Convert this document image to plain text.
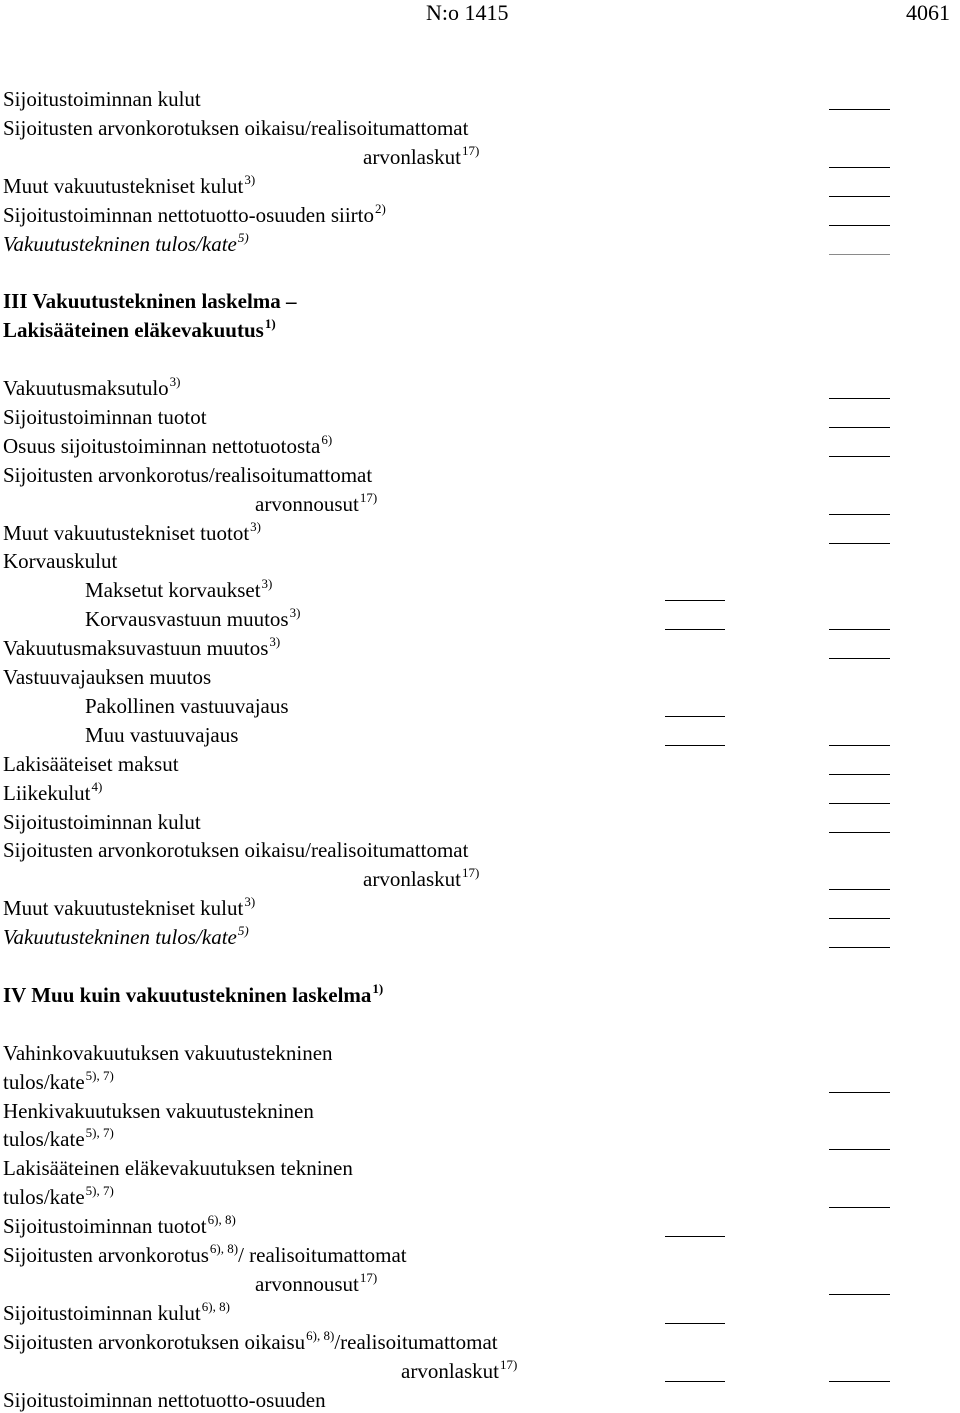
N:o 1415	4061
Sijoitustoiminnan kulut
Sijoitusten arvonkorotuksen oikaisu/realisoitumattomat
arvonlaskut$^{17)}$
Muut vakuutustekniset kulut$^{3)}$
Sijoitustoiminnan nettotuotto-osuuden siirto$^{2)}$
Vakuutustekninen tulos/kate$^{5)}$
III Vakuutustekninen laskelma –
Lakisääteinen eläkevakuutus$^{1)}$
Vakuutusmaksutulo$^{3)}$
Sijoitustoiminnan tuotot
Osuus sijoitustoiminnan nettotuotosta$^{6)}$
Sijoitusten arvonkorotus/realisoitumattomat
arvonnousut$^{17)}$
Muut vakuutustekniset tuotot$^{3)}$
Korvauskulut
Maksetut korvaukset$^{3)}$
Korvausvastuun muutos$^{3)}$
Vakuutusmaksuvastuun muutos$^{3)}$
Vastuuvajauksen muutos
Pakollinen vastuuvajaus
Muu vastuuvajaus
Lakisääteiset maksut
Liikekulut$^{4)}$
Sijoitustoiminnan kulut
Sijoitusten arvonkorotuksen oikaisu/realisoitumattomat
arvonlaskut$^{17)}$
Muut vakuutustekniset kulut$^{3)}$
Vakuutustekninen tulos/kate$^{5)}$
IV Muu kuin vakuutustekninen laskelma$^{1)}$
Vahinkovakuutuksen vakuutustekninen
tulos/kate$^{5), 7)}$
Henkivakuutuksen vakuutustekninen
tulos/kate$^{5), 7)}$
Lakisääteinen eläkevakuutuksen tekninen
tulos/kate$^{5), 7)}$
Sijoitustoiminnan tuotot$^{6), 8)}$
Sijoitusten arvonkorotus$^{6), 8)}$/ realisoitumattomat
arvonnousut$^{17)}$
Sijoitustoiminnan kulut$^{6), 8)}$
Sijoitusten arvonkorotuksen oikaisu$^{6), 8)}$/realisoitumattomat
arvonlaskut$^{17)}$
Sijoitustoiminnan nettotuotto-osuuden
